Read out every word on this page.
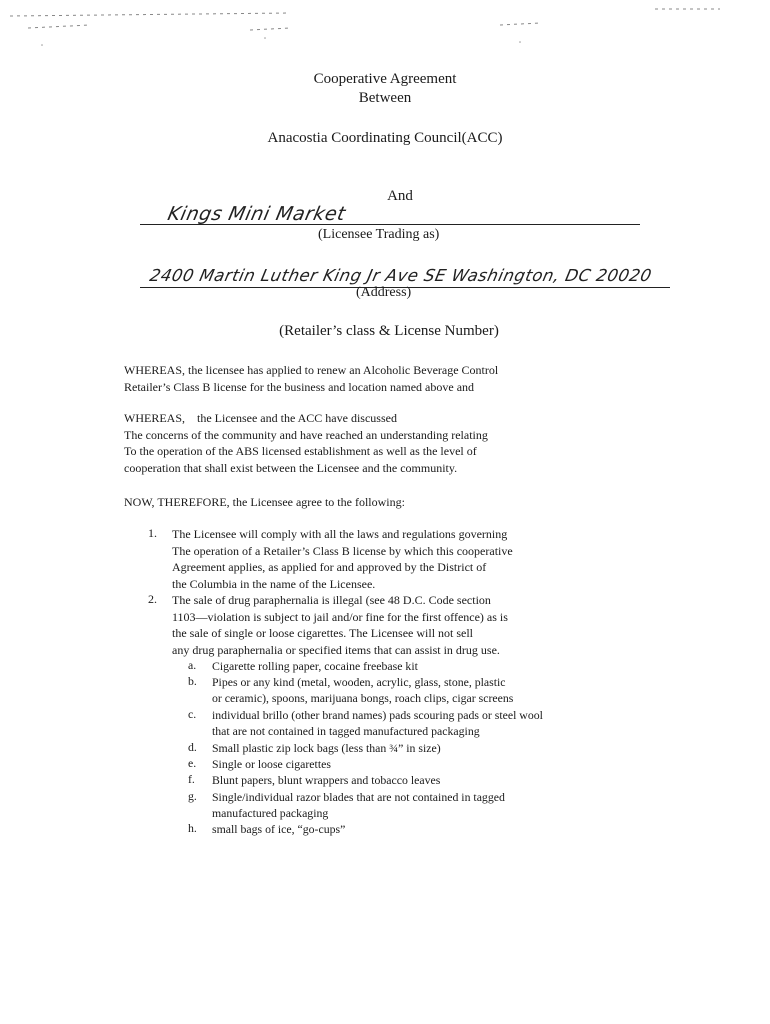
Cooperative Agreement
Between
Anacostia Coordinating Council(ACC)
And
Kings Mini Market
(Licensee Trading as)
2400 Martin Luther King Jr Ave SE Washington, DC 20020
(Address)
(Retailer’s class & License Number)
WHEREAS, the licensee has applied to renew an Alcoholic Beverage Control
Retailer’s Class B license for the business and location named above and
WHEREAS,    the Licensee and the ACC have discussed
The concerns of the community and have reached an understanding relating
To the operation of the ABS licensed establishment as well as the level of
cooperation that shall exist between the Licensee and the community.
NOW, THEREFORE, the Licensee agree to the following:
1. The Licensee will comply with all the laws and regulations governing
The operation of a Retailer’s Class B license by which this cooperative
Agreement applies, as applied for and approved by the District of
the Columbia in the name of the Licensee.
2. The sale of drug paraphernalia is illegal (see 48 D.C. Code section
1103—violation is subject to jail and/or fine for the first offence) as is
the sale of single or loose cigarettes. The Licensee will not sell
any drug paraphernalia or specified items that can assist in drug use.
a. Cigarette rolling paper, cocaine freebase kit
b. Pipes or any kind (metal, wooden, acrylic, glass, stone, plastic
or ceramic), spoons, marijuana bongs, roach clips, cigar screens
c. individual brillo (other brand names) pads scouring pads or steel wool
that are not contained in tagged manufactured packaging
d. Small plastic zip lock bags (less than ¾” in size)
e. Single or loose cigarettes
f. Blunt papers, blunt wrappers and tobacco leaves
g. Single/individual razor blades that are not contained in tagged
manufactured packaging
h. small bags of ice, “go-cups”
